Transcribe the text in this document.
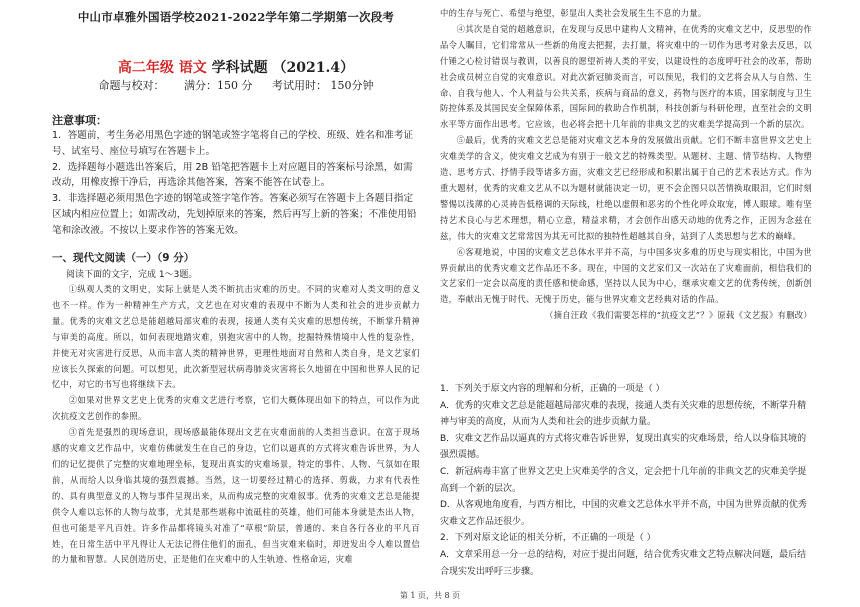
中山市卓雅外国语学校2021-2022学年第二学期第一次段考
高二年级 语文 学科试题 （2021.4）
命题与校对： 满分：150 分 考试用时： 150分钟
注意事项：

1．答题前，考生务必用黑色字迹的钢笔或签字笔将自己的学校、班级、姓名和准考证号、试室号、座位号填写在答题卡上。

2．选择题每小题选出答案后，用 2B 铅笔把答题卡上对应题目的答案标号涂黑，如需改动，用橡皮擦干净后，再选涂其他答案，答案不能答在试卷上。

3．非选择题必须用黑色字迹的钢笔或签字笔作答。答案必须写在答题卡上各题目指定区域内相应位置上；如需改动，先划掉原来的答案，然后再写上新的答案；不准使用铅笔和涂改液。不按以上要求作答的答案无效。

一、现代文阅读（一）（9 分）
阅读下面的文字，完成 1～3题。

①纵观人类的文明史，实际上就是人类不断抗击灾难的历史。不同的灾难对人类文明的意义也不一样。作为一种精神生产方式，文艺也在对灾难的表现中不断为人类和社会的进步贡献力量。优秀的灾难文艺总是能超越局部灾难的表现，接通人类有关灾难的思想传统，不断掌升精神与审美的高度。所以，如何表现地踏灾难，别抱灾害中的人物，挖掘特殊情境中人性的复杂性，并使无对灾害进行反思，从而丰富人类的精神世界，更理性地面对自然和人类自身，是文艺家们应该长久探索的问题。可以想见，此次新型冠状病毒肺炎灾害将长久地留在中国和世界人民的记忆中，对它的书写也将继续下去。

②如果对世界文艺史上优秀的灾难文艺进行考察，它们大概体现出如下的特点，可以作为此次抗疫文艺创作的参照。

③首先是强烈的现场意识，现场感最能体现出文艺在灾难面前的人类担当意识。在富于现场感的灾难文艺作品中，灾难仿佛就发生在自己的身边，它们以逼真的方式将灾难告诉世界，为人们的记忆提供了完整的灾难地理坐标，复现出真实的灾难场景，特定的事件、人物、气氛如在眼前，从而给人以身临其境的强烈震撼。当然，这一切要经过精心的选择、剪裁，力求有代表性的、具有典型意义的人物与事件呈现出来，从而构成完整的灾难叙事。优秀的灾难文艺总是能提供令人难以忘怀的人物与故事，尤其是那些堪称中流砥柱的英雄，他们可能本身就是杰出人物，但也可能是平凡百姓。许多作品都将镜头对准了“草根”阶层，普通的、来自各行各业的平凡百姓，在日常生活中平凡得让人无法记得住他们的面孔，但当灾难来临时，却迸发出令人难以置信的力量和智慧。人民创造历史，正是他们在灾难中的人生轨迹、性格命运，灾难

中的生存与死亡、希望与绝望，彰显出人类社会发展生生不息的力量。

④其次是自觉的超越意识，在发现与反思中建构人文精神，在优秀的灾难文艺中，反思型的作品令人瞩目，它们常常从一些新的角度去把握，去打量，将灾难中的一切作为思考对象去反思，以什锤之心检讨错误与教训，以善良的愿望祈祷人类的平安，以建设性的态度呼吁社会的改革，帮助社会成员树立自觉的灾难意识。对此次新冠肺炎而言，可以预见，我们的文艺将会从人与自然、生命、自我与他人、个人利益与公共关系，疾病与商品的意义，药物与医疗的本质，国家制度与卫生防控体系及其国民安全保障体系，国际间的救助合作机制，科技创新与科研伦理，直至社会的文明水平等方面作出思考。它应该，也必将会把十几年前的非典文艺的灾难美学提高到一个新的层次。

⑤最后，优秀的灾难文艺总是能对灾难文艺本身的发展做出贡献。它们不断丰富世界文艺史上灾难美学的含义，使灾难文艺成为有别于一般文艺的特殊类型。从题材、主题、情节结构、人物塑造、思考方式、抒情手段等诸多方面，灾难文艺已经形成和积累出属于自己的艺术表达方式。作为重大题材，优秀的灾难文艺从不以为题材就能决定一切，更不会企图只以苦情换取眼泪，它们时刻警惕以浅薄的心灵祷告低格调的天际线，杜绝以虚假和恶劣的个性化呼众取宠，博人眼球。唯有坚持艺术良心与艺术理想，精心立意，精益求精，才会创作出感天动地的优秀之作，正因为念兹在兹，伟大的灾难文艺常常因为其无可比拟的独特性超越其自身，站到了人类思想与艺术的巅峰。

⑥客观地说，中国的灾难文艺总体水平并不高，与中国多灾多难的历史与现实相比，中国为世界贡献出的优秀灾难文艺作品还不多。现在，中国的文艺家们又一次站在了灾难面前，相信我们的文艺家们一定会以高度的责任感和使命感，坚持以人民为中心，继承灾难文艺的优秀传统，创新创造，奉献出无愧于时代、无愧于历史，能与世界灾难文艺经典对话的作品。

（摘自汪政《我们需要怎样的“抗疫文艺”？》原载《文艺报》有删改）

1．下列关于原文内容的理解和分析，正确的一项是（ ）

A．优秀的灾难文艺总是能超越局部灾难的表现，接通人类有关灾难的思想传统，不断掌升精神与审美的高度，从而为人类和社会的进步贡献力量。

B．灾难文艺作品以逼真的方式将灾难告诉世界，复现出真实的灾难场景，给人以身临其境的强烈震撼。

C．新冠病毒丰富了世界文艺史上灾难美学的含义，定会把十几年前的非典文艺的灾难美学提高到一个新的层次。

D．从客观地角度看，与西方相比，中国的灾难文艺总体水平并不高，中国为世界贡献的优秀灾难文艺作品还很少。

2．下列对原文论证的相关分析，不正确的一项是（ ）

A．文章采用总一分一总的结构，对应于提出问题，结合优秀灾难文艺特点解决问题，最后结合现实发出呼吁三步骤。

第 1 页，共 8 页
